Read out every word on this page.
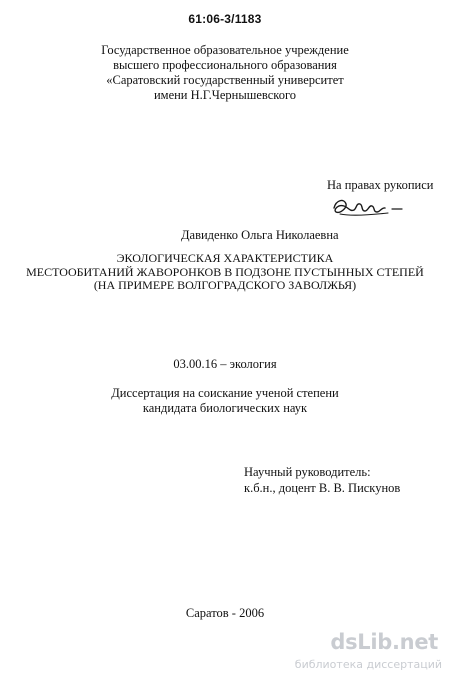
61:06-3/1183
Государственное образовательное учреждение
высшего профессионального образования
«Саратовский государственный университет
имени Н.Г.Чернышевского
На правах рукописи
Давиденко Ольга Николаевна
ЭКОЛОГИЧЕСКАЯ ХАРАКТЕРИСТИКА
МЕСТООБИТАНИЙ ЖАВОРОНКОВ В ПОДЗОНЕ ПУСТЫННЫХ СТЕПЕЙ
(НА ПРИМЕРЕ ВОЛГОГРАДСКОГО ЗАВОЛЖЬЯ)
03.00.16 – экология
Диссертация на соискание ученой степени
кандидата биологических наук
Научный руководитель:
к.б.н., доцент В. В. Пискунов
Саратов - 2006
dsLib.net
библиотека диссертаций
